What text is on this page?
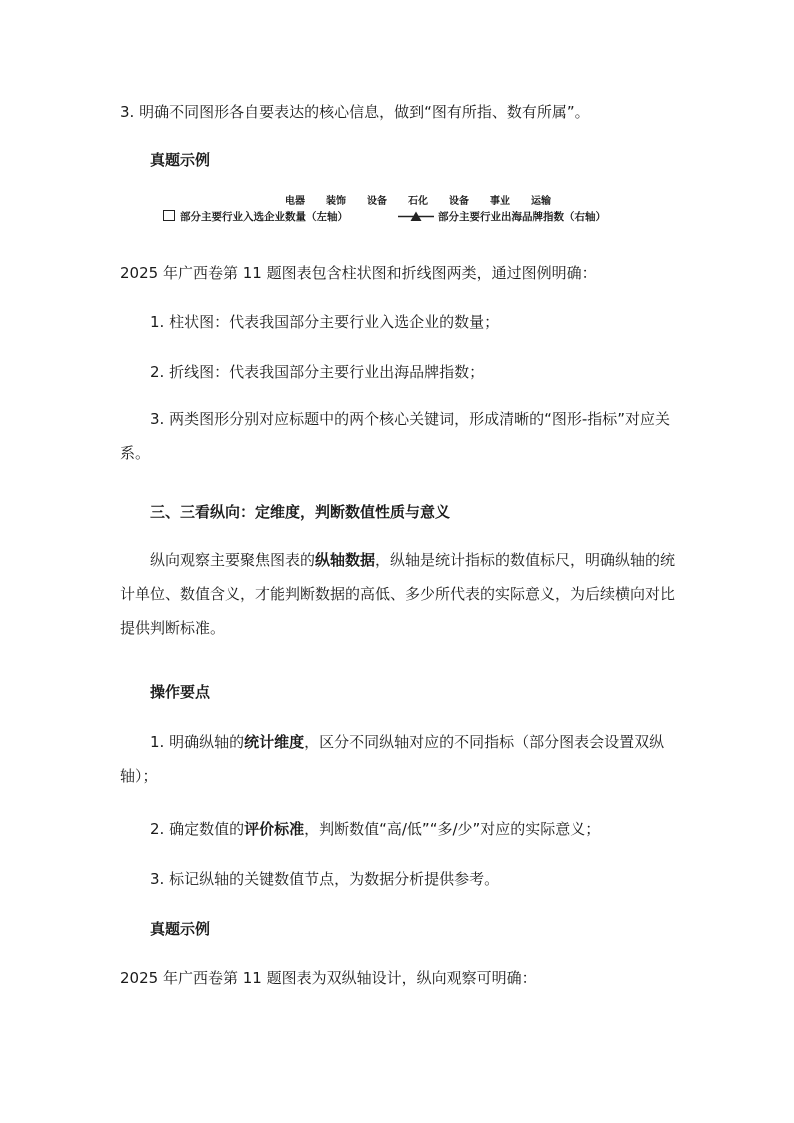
3. 明确不同图形各自要表达的核心信息，做到“图有所指、数有所属”。

真题示例

电器 装饰 设备 石化 设备 事业 运输
部分主要行业入选企业数量（左轴）	部分主要行业出海品牌指数（右轴）

2025 年广西卷第 11 题图表包含柱状图和折线图两类，通过图例明确：

1. 柱状图：代表我国部分主要行业入选企业的数量；

2. 折线图：代表我国部分主要行业出海品牌指数；

3. 两类图形分别对应标题中的两个核心关键词，形成清晰的“图形-指标”对应关系。

三、三看纵向：定维度，判断数值性质与意义

纵向观察主要聚焦图表的纵轴数据，纵轴是统计指标的数值标尺，明确纵轴的统计单位、数值含义，才能判断数据的高低、多少所代表的实际意义，为后续横向对比提供判断标准。

操作要点

1. 明确纵轴的统计维度，区分不同纵轴对应的不同指标（部分图表会设置双纵轴）；

2. 确定数值的评价标准，判断数值“高/低”“多/少”对应的实际意义；

3. 标记纵轴的关键数值节点，为数据分析提供参考。

真题示例

2025 年广西卷第 11 题图表为双纵轴设计，纵向观察可明确：
